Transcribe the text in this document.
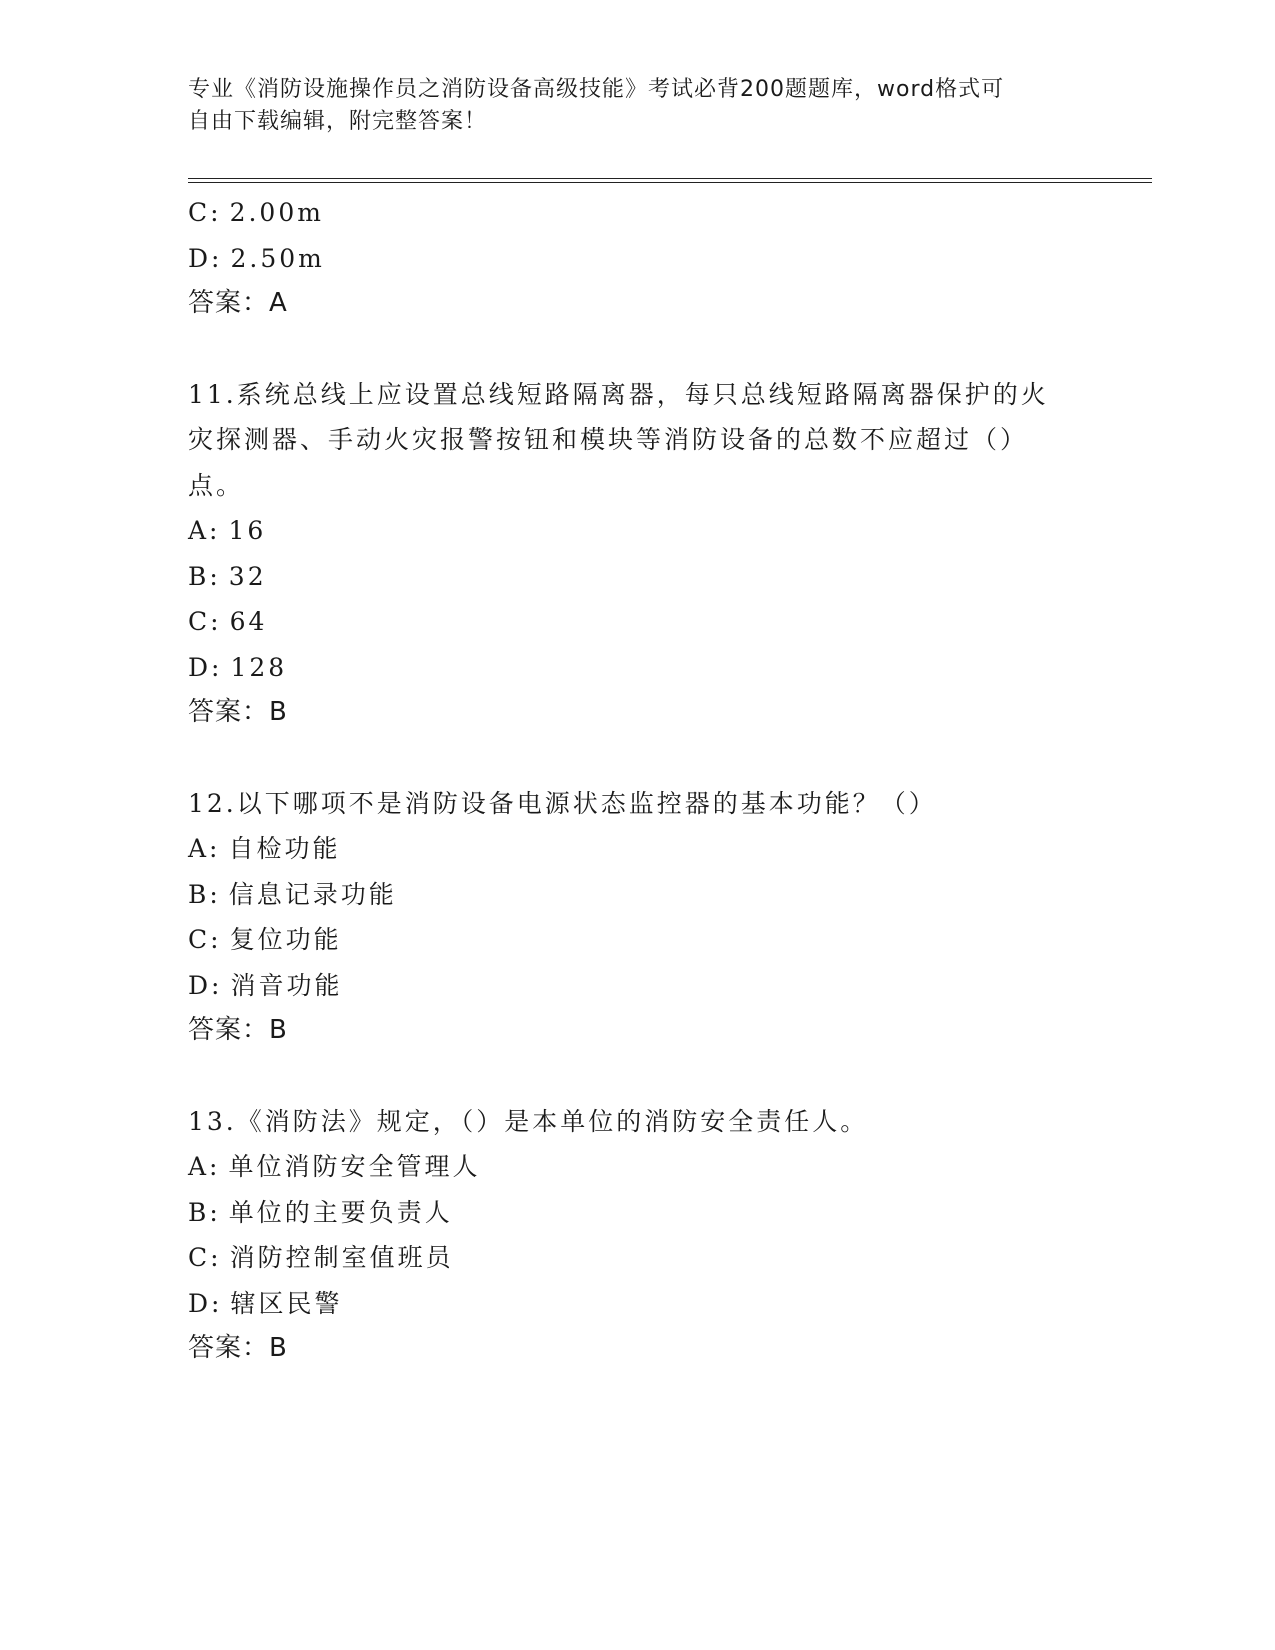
专业《消防设施操作员之消防设备高级技能》考试必背200题题库，word格式可
自由下载编辑，附完整答案！
C: 2.00m
D: 2.50m
答案：A
11.系统总线上应设置总线短路隔离器，每只总线短路隔离器保护的火
灾探测器、手动火灾报警按钮和模块等消防设备的总数不应超过（）
点。
A: 16
B: 32
C: 64
D: 128
答案：B
12.以下哪项不是消防设备电源状态监控器的基本功能？（）
A: 自检功能
B: 信息记录功能
C: 复位功能
D: 消音功能
答案：B
13.《消防法》规定，（）是本单位的消防安全责任人。
A: 单位消防安全管理人
B: 单位的主要负责人
C: 消防控制室值班员
D: 辖区民警
答案：B
